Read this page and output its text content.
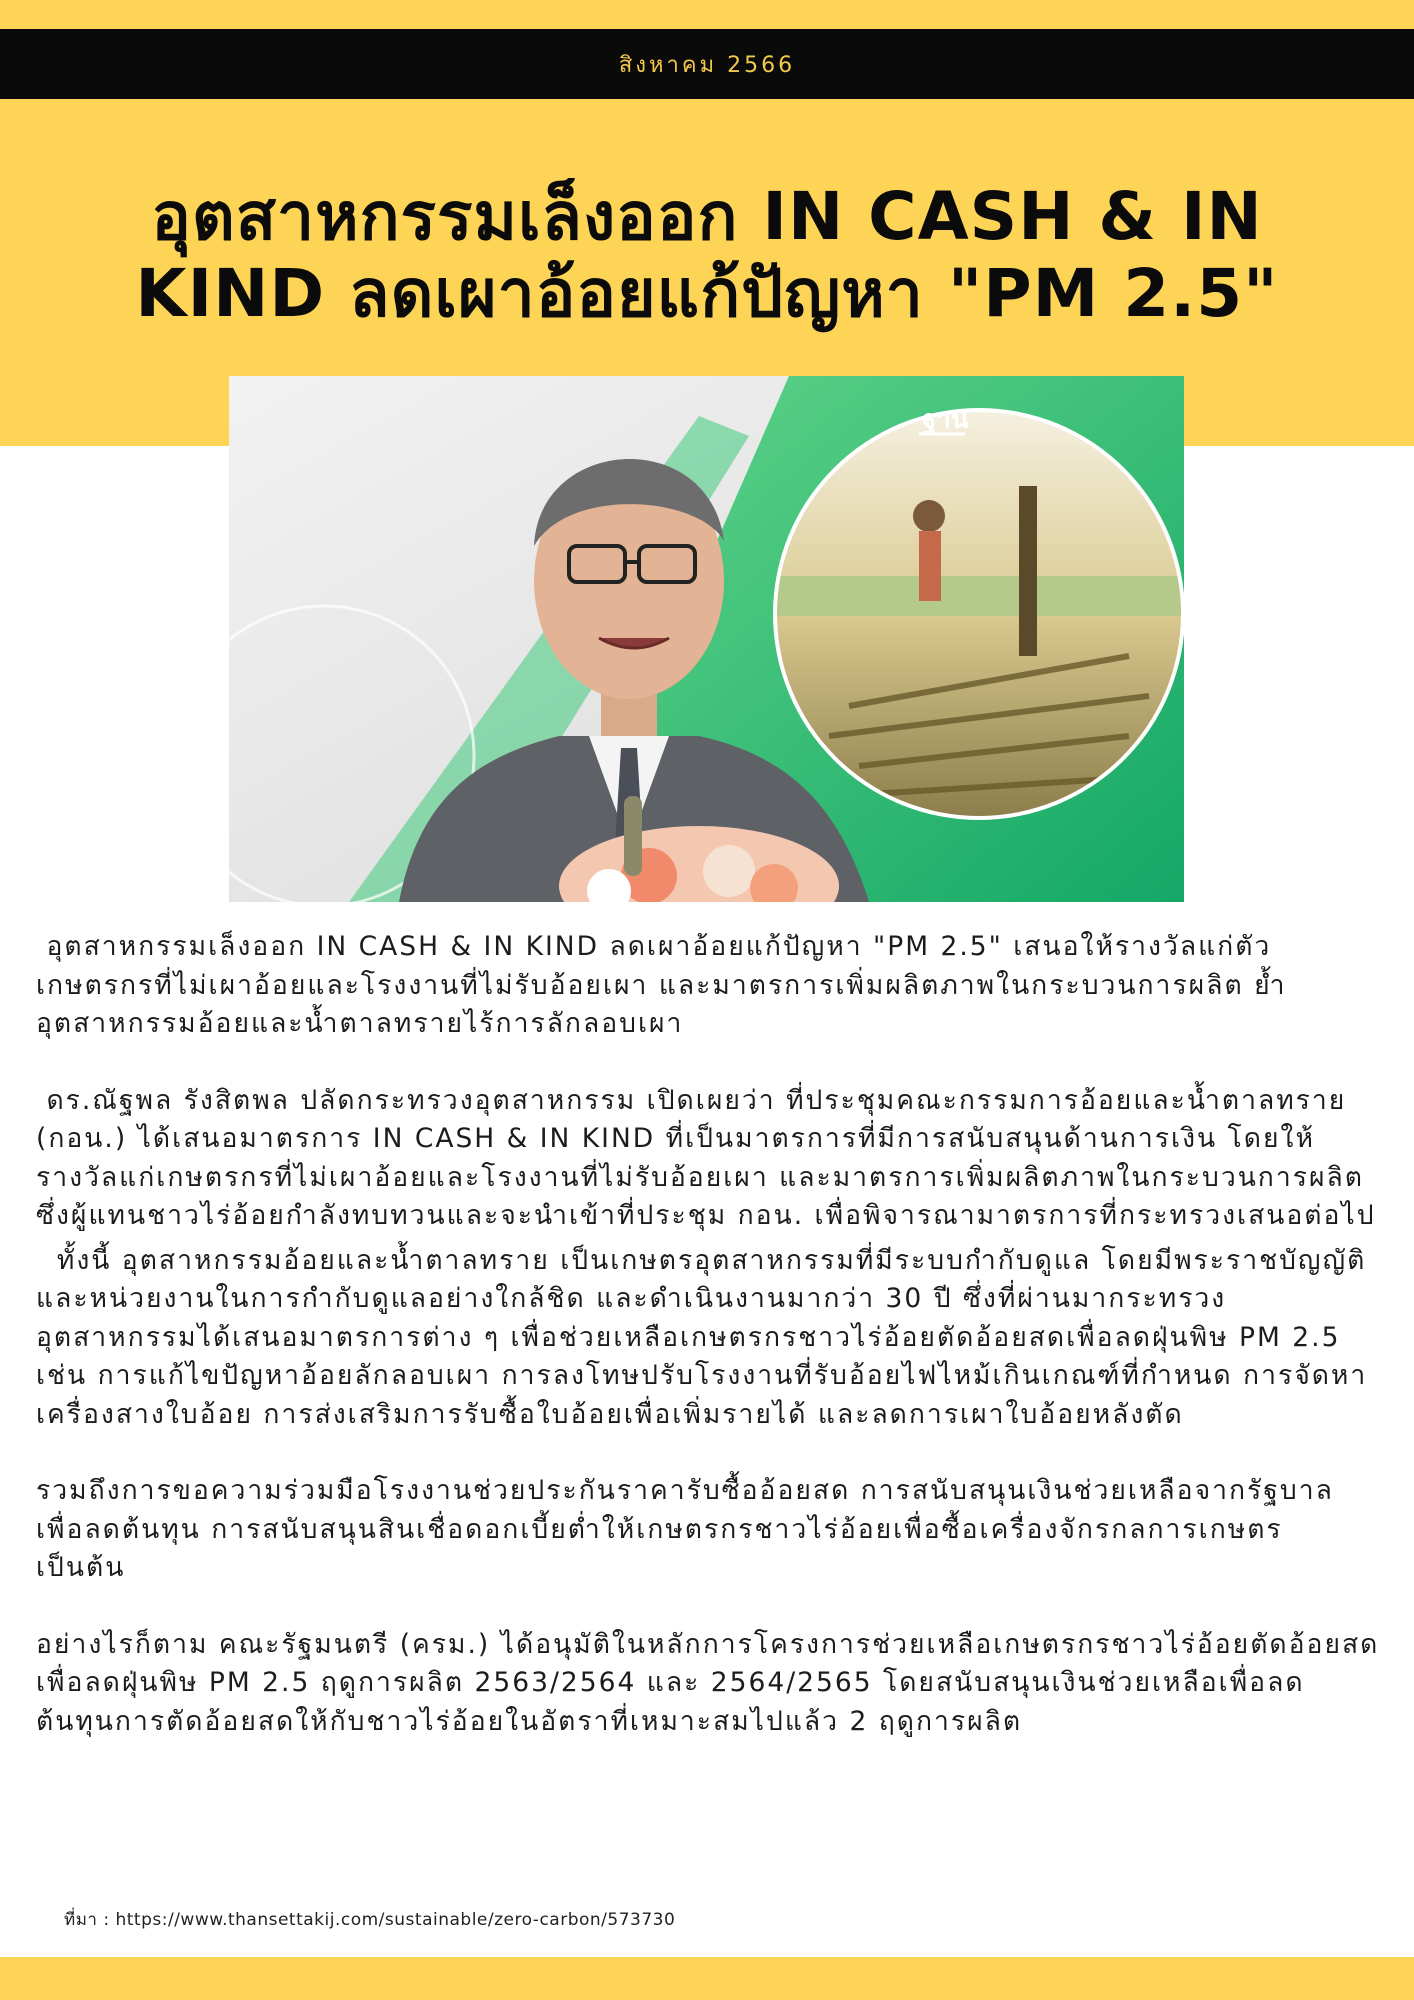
สิงหาคม 2566
อุตสาหกรรมเล็งออก IN CASH & IN KIND ลดเผาอ้อยแก้ปัญหา "PM 2.5"
ฐาน

อุตสาหกรรมเล็งออก IN CASH & IN KIND ลดเผาอ้อยแก้ปัญหา "PM 2.5" เสนอให้รางวัลแก่ตัวเกษตรกรที่ไม่เผาอ้อยและโรงงานที่ไม่รับอ้อยเผา และมาตรการเพิ่มผลิตภาพในกระบวนการผลิต ย้ำอุตสาหกรรมอ้อยและน้ำตาลทรายไร้การลักลอบเผา

ดร.ณัฐพล รังสิตพล ปลัดกระทรวงอุตสาหกรรม เปิดเผยว่า ที่ประชุมคณะกรรมการอ้อยและน้ำตาลทราย (กอน.) ได้เสนอมาตรการ IN CASH & IN KIND ที่เป็นมาตรการที่มีการสนับสนุนด้านการเงิน โดยให้รางวัลแก่เกษตรกรที่ไม่เผาอ้อยและโรงงานที่ไม่รับอ้อยเผา และมาตรการเพิ่มผลิตภาพในกระบวนการผลิต ซึ่งผู้แทนชาวไร่อ้อยกำลังทบทวนและจะนำเข้าที่ประชุม กอน. เพื่อพิจารณามาตรการที่กระทรวงเสนอต่อไป

ทั้งนี้ อุตสาหกรรมอ้อยและน้ำตาลทราย เป็นเกษตรอุตสาหกรรมที่มีระบบกำกับดูแล โดยมีพระราชบัญญัติและหน่วยงานในการกำกับดูแลอย่างใกล้ชิด และดำเนินงานมากว่า 30 ปี ซึ่งที่ผ่านมากระทรวงอุตสาหกรรมได้เสนอมาตรการต่าง ๆ เพื่อช่วยเหลือเกษตรกรชาวไร่อ้อยตัดอ้อยสดเพื่อลดฝุ่นพิษ PM 2.5 เช่น การแก้ไขปัญหาอ้อยลักลอบเผา การลงโทษปรับโรงงานที่รับอ้อยไฟไหม้เกินเกณฑ์ที่กำหนด การจัดหาเครื่องสางใบอ้อย การส่งเสริมการรับซื้อใบอ้อยเพื่อเพิ่มรายได้ และลดการเผาใบอ้อยหลังตัด

รวมถึงการขอความร่วมมือโรงงานช่วยประกันราคารับซื้ออ้อยสด การสนับสนุนเงินช่วยเหลือจากรัฐบาลเพื่อลดต้นทุน การสนับสนุนสินเชื่อดอกเบี้ยต่ำให้เกษตรกรชาวไร่อ้อยเพื่อซื้อเครื่องจักรกลการเกษตร เป็นต้น

อย่างไรก็ตาม คณะรัฐมนตรี (ครม.) ได้อนุมัติในหลักการโครงการช่วยเหลือเกษตรกรชาวไร่อ้อยตัดอ้อยสดเพื่อลดฝุ่นพิษ PM 2.5 ฤดูการผลิต 2563/2564 และ 2564/2565 โดยสนับสนุนเงินช่วยเหลือเพื่อลดต้นทุนการตัดอ้อยสดให้กับชาวไร่อ้อยในอัตราที่เหมาะสมไปแล้ว 2 ฤดูการผลิต

ที่มา : https://www.thansettakij.com/sustainable/zero-carbon/573730
